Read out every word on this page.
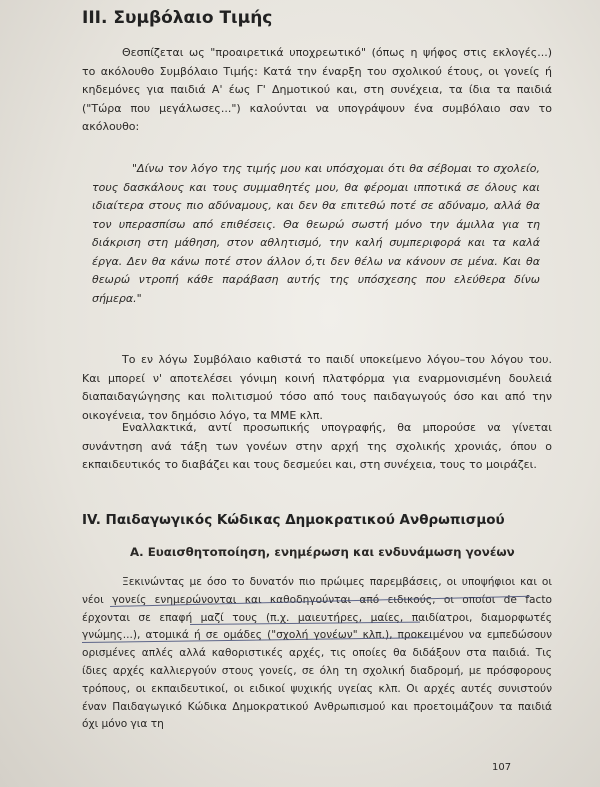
III. Συμβόλαιο Τιμής

Θεσπίζεται ως "προαιρετικά υποχρεωτικό" (όπως η ψήφος στις εκλογές...) το ακόλουθο Συμβόλαιο Τιμής: Κατά την έναρξη του σχολικού έτους, οι γονείς ή κηδεμόνες για παιδιά Α' έως Γ' Δημοτικού και, στη συνέχεια, τα ίδια τα παιδιά ("Τώρα που μεγάλωσες...") καλούνται να υπογράψουν ένα συμβόλαιο σαν το ακόλουθο:

"Δίνω τον λόγο της τιμής μου και υπόσχομαι ότι θα σέβομαι το σχολείο, τους δασκάλους και τους συμμαθητές μου, θα φέρομαι ιπποτικά σε όλους και ιδιαίτερα στους πιο αδύναμους, και δεν θα επιτεθώ ποτέ σε αδύναμο, αλλά θα τον υπερασπίσω από επιθέσεις. Θα θεωρώ σωστή μόνο την άμιλλα για τη διάκριση στη μάθηση, στον αθλητισμό, την καλή συμπεριφορά και τα καλά έργα. Δεν θα κάνω ποτέ στον άλλον ό,τι δεν θέλω να κάνουν σε μένα. Και θα θεωρώ ντροπή κάθε παράβαση αυτής της υπόσχεσης που ελεύθερα δίνω σήμερα."

Το εν λόγω Συμβόλαιο καθιστά το παιδί υποκείμενο λόγου–του λόγου του. Και μπορεί ν' αποτελέσει γόνιμη κοινή πλατφόρμα για εναρμονισμένη δουλειά διαπαιδαγώγησης και πολιτισμού τόσο από τους παιδαγωγούς όσο και από την οικογένεια, τον δημόσιο λόγο, τα ΜΜΕ κλπ.

Εναλλακτικά, αντί προσωπικής υπογραφής, θα μπορούσε να γίνεται συνάντηση ανά τάξη των γονέων στην αρχή της σχολικής χρονιάς, όπου ο εκπαιδευτικός το διαβάζει και τους δεσμεύει και, στη συνέχεια, τους το μοιράζει.

IV. Παιδαγωγικός Κώδικας Δημοκρατικού Ανθρωπισμού
Α. Ευαισθητοποίηση, ενημέρωση και ενδυνάμωση γονέων

Ξεκινώντας με όσο το δυνατόν πιο πρώιμες παρεμβάσεις, οι υποψήφιοι και οι νέοι γονείς ενημερώνονται και καθοδηγούνται από ειδικούς, οι οποίοι de facto έρχονται σε επαφή μαζί τους (π.χ. μαιευτήρες, μαίες, παιδίατροι, διαμορφωτές γνώμης...), ατομικά ή σε ομάδες ("σχολή γονέων" κλπ.), προκειμένου να εμπεδώσουν ορισμένες απλές αλλά καθοριστικές αρχές, τις οποίες θα διδάξουν στα παιδιά. Τις ίδιες αρχές καλλιεργούν στους γονείς, σε όλη τη σχολική διαδρομή, με πρόσφορους τρόπους, οι εκπαιδευτικοί, οι ειδικοί ψυχικής υγείας κλπ. Οι αρχές αυτές συνιστούν έναν Παιδαγωγικό Κώδικα Δημοκρατικού Ανθρωπισμού και προετοιμάζουν τα παιδιά όχι μόνο για τη

107
